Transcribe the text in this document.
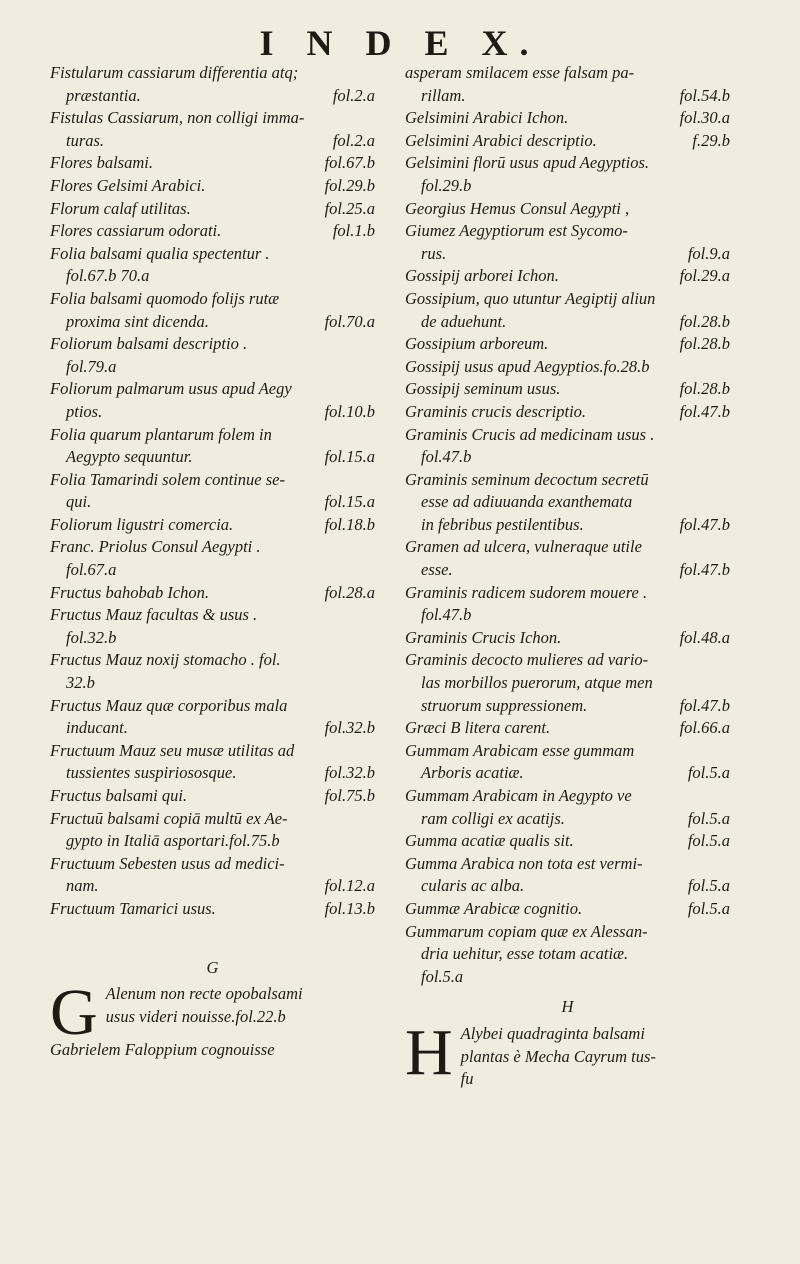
I N D E X.

Fistularum cassiarum differentia atq;
præstantia.	fol.2.a

Fistulas Cassiarum, non colligi imma-
turas.	fol.2.a

Flores balsami.	fol.67.b

Flores Gelsimi Arabici.	fol.29.b

Florum calaf utilitas.	fol.25.a

Flores cassiarum odorati.	fol.1.b

Folia balsami qualia spectentur .
fol.67.b 70.a

Folia balsami quomodo folijs rutæ
proxima sint dicenda.	fol.70.a

Foliorum balsami descriptio .
fol.79.a

Foliorum palmarum usus apud Aegy
ptios.	fol.10.b

Folia quarum plantarum folem in
Aegypto sequuntur.	fol.15.a

Folia Tamarindi solem continue se-
qui.	fol.15.a

Foliorum ligustri comercia.	fol.18.b

Franc. Priolus Consul Aegypti .
fol.67.a

Fructus bahobab Ichon.	fol.28.a

Fructus Mauz facultas & usus .
fol.32.b

Fructus Mauz noxij stomacho . fol.
32.b

Fructus Mauz quæ corporibus mala
inducant.	fol.32.b

Fructuum Mauz seu musæ utilitas ad
tussientes suspiriososque.	fol.32.b

Fructus balsami qui.	fol.75.b

Fructuū balsami copiā multū ex Ae-
gypto in Italiā asportari.fol.75.b

Fructuum Sebesten usus ad medici-
nam.	fol.12.a

Fructuum Tamarici usus.	fol.13.b

G
G Alenum non recte opobalsami
usus videri nouisse. fol.22.b

Gabrielem Faloppium cognouisse

asperam smilacem esse falsam pa-
rillam.	fol.54.b

Gelsimini Arabici Ichon.	fol.30.a

Gelsimini Arabici descriptio.	f.29.b

Gelsimini florū usus apud Aegyptios.
fol.29.b

Georgius Hemus Consul Aegypti ,

Giumez Aegyptiorum est Sycomo-
rus.	fol.9.a

Gossipij arborei Ichon.	fol.29.a

Gossipium, quo utuntur Aegiptij aliun
de aduehunt.	fol.28.b

Gossipium arboreum.	fol.28.b

Gossipij usus apud Aegyptios.fo.28.b

Gossipij seminum usus.	fol.28.b

Graminis crucis descriptio.	fol.47.b

Graminis Crucis ad medicinam usus .
fol.47.b

Graminis seminum decoctum secretū
esse ad adiuuanda exanthemata
in febribus pestilentibus.	fol.47.b

Gramen ad ulcera, vulneraque utile
esse.	fol.47.b

Graminis radicem sudorem mouere .
fol.47.b

Graminis Crucis Ichon.	fol.48.a

Graminis decocto mulieres ad vario-
las morbillos puerorum, atque men
struorum suppressionem.	fol.47.b

Græci B litera carent.	fol.66.a

Gummam Arabicam esse gummam
Arboris acatiæ.	fol.5.a

Gummam Arabicam in Aegypto ve
ram colligi ex acatijs.	fol.5.a

Gumma acatiæ qualis sit.	fol.5.a

Gumma Arabica non tota est vermi-
cularis ac alba.	fol.5.a

Gummæ Arabicæ cognitio.	fol.5.a

Gummarum copiam quæ ex Alessan-
dria uehitur, esse totam acatiæ.
fol.5.a

H
H Alybei quadraginta balsami
plantas è Mecha Cayrum tus-
fu
